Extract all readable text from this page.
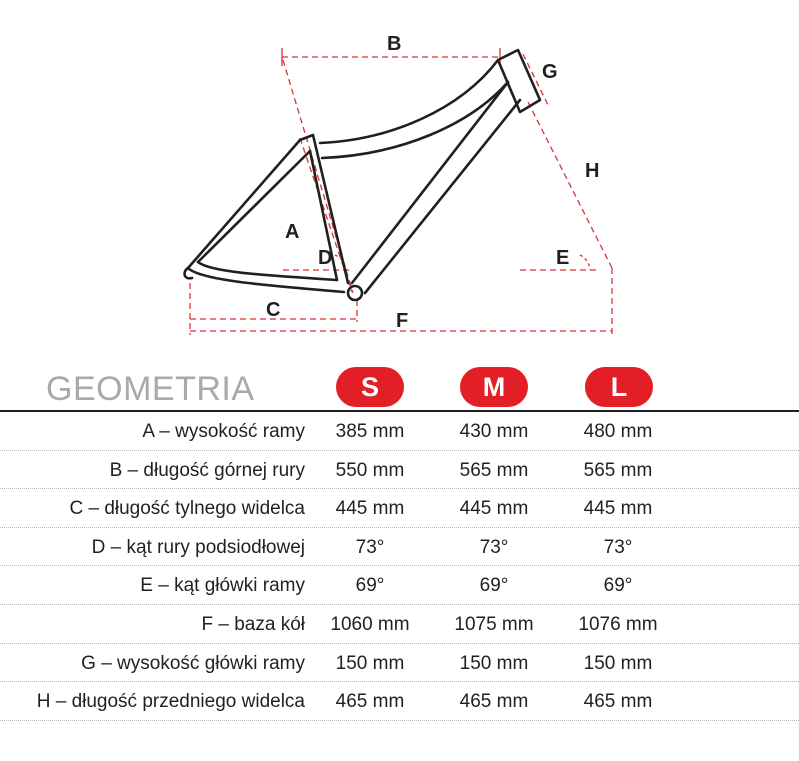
B
G
H
A
D	E
C	F
GEOMETRIA	S	M	L
A – wysokość ramy	385 mm	430 mm	480 mm
B – długość górnej rury	550 mm	565 mm	565 mm
C – długość tylnego widelca	445 mm	445 mm	445 mm
D – kąt rury podsiodłowej	73°	73°	73°
E – kąt główki ramy	69°	69°	69°
F – baza kół	1060 mm	1075 mm	1076 mm
G – wysokość główki ramy	150 mm	150 mm	150 mm
H – długość przedniego widelca	465 mm	465 mm	465 mm
